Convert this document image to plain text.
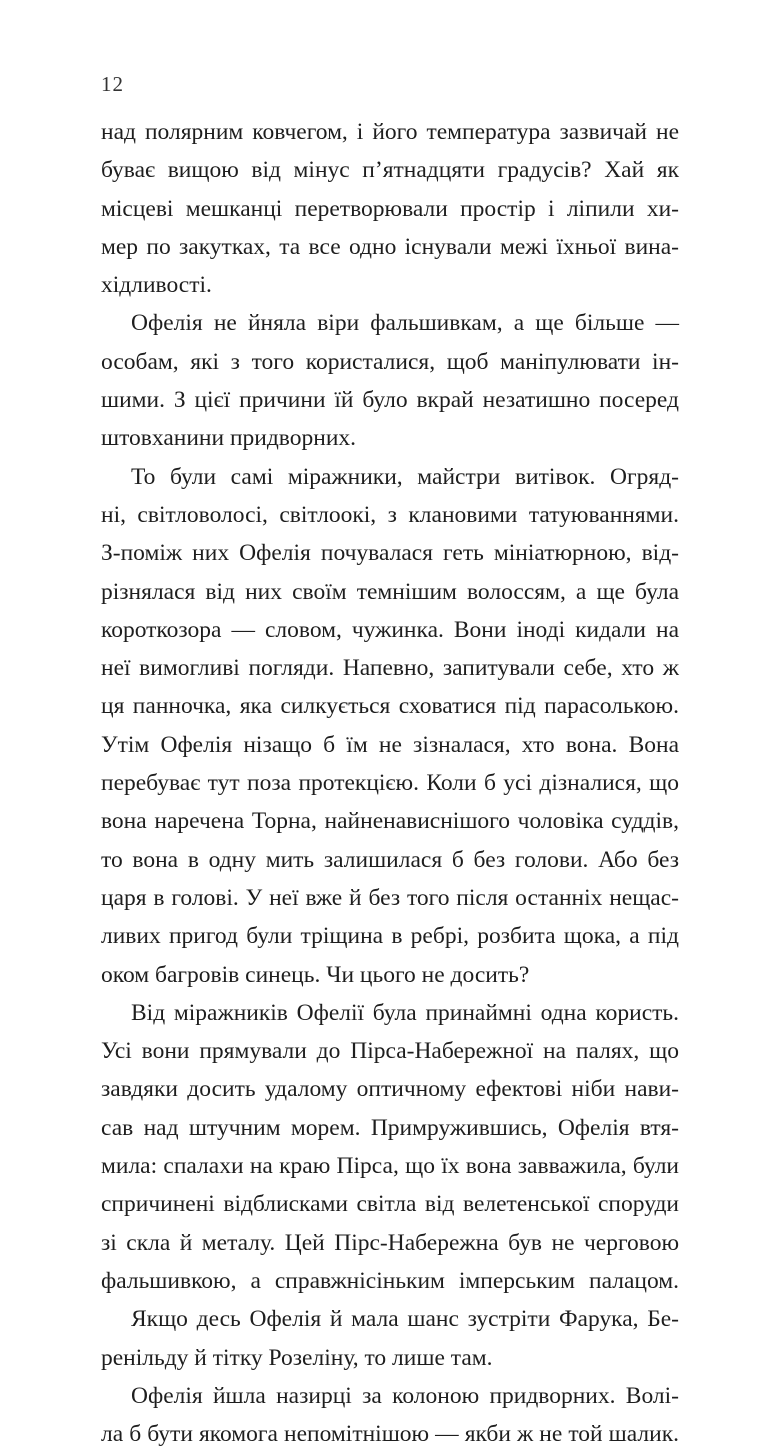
12
над полярним ковчегом, і його температура зазвичай не
буває вищою від мінус п’ятнадцяти градусів? Хай як
місцеві мешканці перетворювали простір і ліпили хи-
мер по закутках, та все одно існували межі їхньої вина-
хідливості.
Офелія не йняла віри фальшивкам, а ще більше —
особам, які з того користалися, щоб маніпулювати ін-
шими. З цієї причини їй було вкрай незатишно посеред
штовханини придворних.
То були самі міражники, майстри витівок. Огряд-
ні, світловолосі, світлоокі, з клановими татуюваннями.
З-поміж них Офелія почувалася геть мініатюрною, від-
різнялася від них своїм темнішим волоссям, а ще була
короткозора — словом, чужинка. Вони іноді кидали на
неї вимогливі погляди. Напевно, запитували себе, хто ж
ця панночка, яка силкується сховатися під парасолькою.
Утім Офелія нізащо б їм не зізналася, хто вона. Вона
перебуває тут поза протекцією. Коли б усі дізналися, що
вона наречена Торна, найненависнішого чоловіка суддів,
то вона в одну мить залишилася б без голови. Або без
царя в голові. У неї вже й без того після останніх нещас-
ливих пригод були тріщина в ребрі, розбита щока, а під
оком багровів синець. Чи цього не досить?
Від міражників Офелії була принаймні одна користь.
Усі вони прямували до Пірса-Набережної на палях, що
завдяки досить удалому оптичному ефектові ніби нави-
сав над штучним морем. Примружившись, Офелія втя-
мила: спалахи на краю Пірса, що їх вона завважила, були
спричинені відблисками світла від велетенської споруди
зі скла й металу. Цей Пірс-Набережна був не черговою
фальшивкою, а справжнісіньким імперським палацом.
Якщо десь Офелія й мала шанс зустріти Фарука, Бе-
ренільду й тітку Розеліну, то лише там.
Офелія йшла назирці за колоною придворних. Волі-
ла б бути якомога непомітнішою — якби ж не той шалик.
